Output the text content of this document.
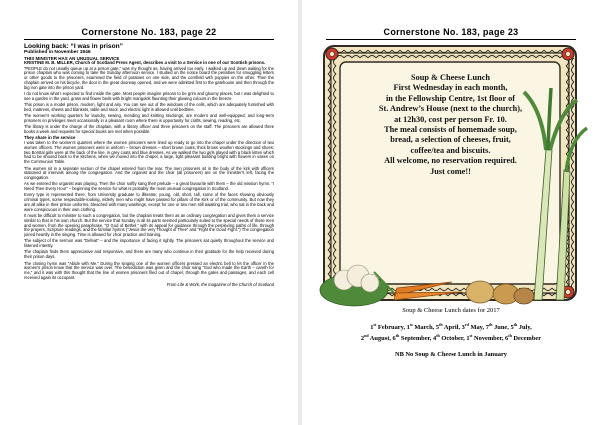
Cornerstone No. 183, page 22
Looking back: “I was in prison”
Published in November 1946
THIS MINISTER HAS AN UNUSUAL SERVICE
KRISTINE M. B. MILLER, Church of Scotland Press Agent, describes a visit to a Service in one of our Scottish prisons.

“PEOPLE do not usually queue up at a prison gate,” was my thought as, having arrived too early, I walked up and down waiting for the prison chaplain who was coming to take the Sunday afternoon service. I studied on the notice board the penalties for smuggling letters or other goods to the prisoners, examined the field of potatoes on one side, and the cornfield with poppies on the other. Then the chaplain arrived on his bicycle, the door in the great doorway opened, and we were admitted first to the gatehouse and then through the big iron gate into the prison yard.

I do not know what I expected to find inside the gate. Most people imagine prisons to be grim and gloomy places, but I was delighted to see a garden in the yard, grass and flower beds with bright marigolds flaunting their glowing colours in the breeze.

This prison is a model prison, modern, light and airy. You can see out of the windows of the cells, which are adequately furnished with bed, mattress, sheets and blankets, table and stool; and electric light is allowed until bedtime.

The women's working quarters for laundry, sewing, mending and knitting stockings, are modern and well-equipped; and long-term prisoners on privileges meet occasionally in a pleasant room where there is opportunity for crafts, sewing, reading, etc.

The library is under the charge of the chaplain, with a library officer and three prisoners on the staff. The prisoners are allowed three books a week and requests for special books are met when possible.

They share in the service

I was taken to the women's quarters where the women prisoners were lined up ready to go into the chapel under the direction of two women officers. The women prisoners were in uniform – brown dresses – short brown coats, thick brown woollen stockings and shoes; two Borstal girls were at the back of the line, in grey coats and blue dresses. As we walked the two girls played with a black kitten which had to be shooed back to the kitchens, when we moved into the chapel, a large, light pleasant building bright with flowers in vases on the Communion Table.

The women sit in a separate section of the chapel entered from the rear. The men prisoners sit in the body of the kirk with officers stationed at intervals among the congregation. And the organist and the choir (all prisoners) are on the minister's left, facing the congregation.

As we entered the organist was playing. Then the choir softly sang their prelude – a great favourite with them – the old mission hymn, “I Need Thee Every Hour” – beginning the service for what is probably the most unusual congregation in Scotland.

Every type is represented there, from University graduate to illiterate; young, old, short, tall, some of the faces showing obviously criminal types, some respectable-looking, elderly men who might have passed for pillars of the Kirk or of the community. But now they are all alike in their prison uniforms, bleached with many washings, except for one or two men still awaiting trial, who sat in the back and were conspicuous in their own clothing.

It must be difficult to minister to such a congregation, but the chaplain treats them as an ordinary congregation and gives them a service similar to that in his own church. But the service that Sunday in all its parts seemed particularly suited to the special needs of those men and women, from the opening paraphrase, “O God of Bethel,” with its appeal for guidance through the perplexing paths of life, through the prayers, Scripture readings, and the familiar hymns (“Jesus the very Thought of Thee” and “Fight the Good Fight.”) The congregation joined heartily in the singing. Time is allowed for choir practice and training.

The subject of the sermon was “Defeat” – and the importance of facing it rightly. The prisoners sat quietly throughout the service and listened intently.

The chaplain finds them appreciative and responsive, and there are many who continue in their gratitude for the help received during their prison days.

The closing hymn was “Abide with Me.” During the singing one of the women officers pressed an electric bell to let the officer in the women's prison know that the service was over. The benediction was given and the choir sang “God who made the Earth – careth for me,” and it was with this thought that the line of women prisoners filed out of chapel, through the gates and passages, and each cell received again its occupant.

From Life & Work, the magazine of the Church of Scotland
Cornerstone No. 183, page 23
Soup & Cheese Lunch
First Wednesday in each month,
in the Fellowship Centre, 1st floor of
St. Andrew’s House (next to the church),
at 12h30, cost per person Fr. 10.
The meal consists of homemade soup,
bread, a selection of cheeses, fruit,
coffee/tea and biscuits.
All welcome, no reservation required.
Just come!!
Soup & Cheese Lunch dates for 2017
1st February, 1st March, 5th April, 3rd May, 7th June, 5th July,
2nd August, 6th September, 4th October, 1st November, 6th December
NB No Soup & Cheese Lunch in January
